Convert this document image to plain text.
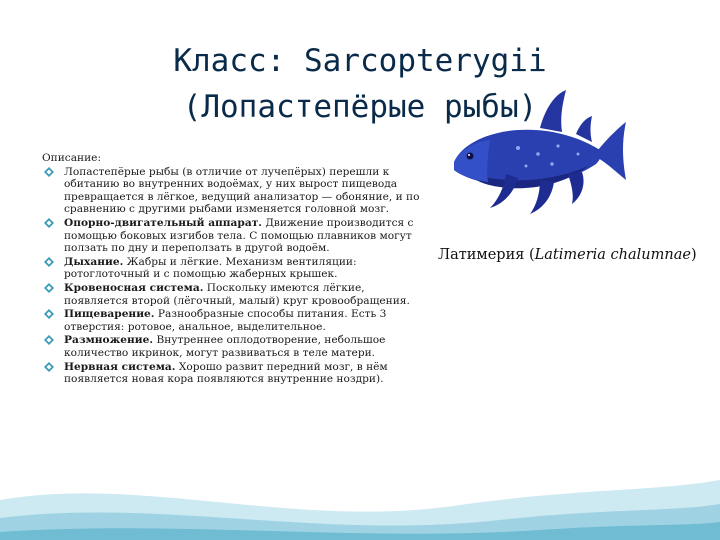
Класс: Sarcopterygii
(Лопастепёрые рыбы)
Описание:
Лопастепёрые рыбы (в отличие от лучепёрых) перешли к обитанию во внутренних водоёмах, у них вырост пищевода превращается в лёгкое, ведущий анализатор — обоняние, и по сравнению с другими рыбами изменяется головной мозг.
Опорно-двигательный аппарат. Движение производится с помощью боковых изгибов тела. С помощью плавников могут ползать по дну и переползать в другой водоём.
Дыхание. Жабры и лёгкие. Механизм вентиляции: ротоглоточный и с помощью жаберных крышек.
Кровеносная система. Поскольку имеются лёгкие, появляется второй (лёгочный, малый) круг кровообращения.
Пищеварение. Разнообразные способы питания. Есть 3 отверстия: ротовое, анальное, выделительное.
Размножение. Внутреннее оплодотворение, небольшое количество икринок, могут развиваться в теле матери.
Нервная система. Хорошо развит передний мозг, в нём появляется новая кора появляются внутренние ноздри).
Латимерия (Latimeria chalumnae)
